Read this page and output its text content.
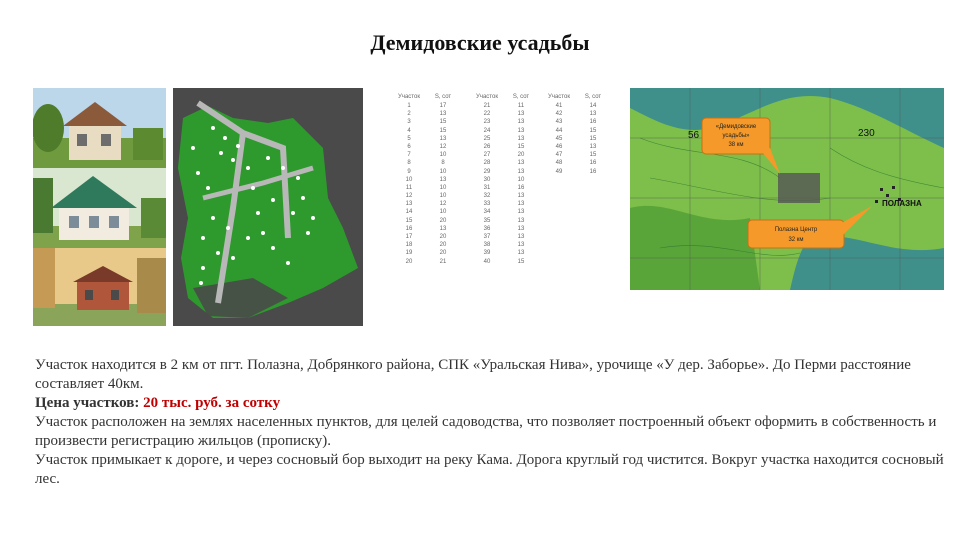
Демидовские усадьбы
Участок	S, сот
1	17
2	13
3	15
4	15
5	13
6	12
7	10
8	8
9	10
10	13
11	10
12	10
13	12
14	10
15	20
16	13
17	20
18	20
19	20
20	21
Участок	S, сот
21	11
22	13
23	13
24	13
25	13
26	15
27	20
28	13
29	13
30	10
31	16
32	13
33	13
34	13
35	13
36	13
37	13
38	13
39	13
40	15
Участок	S, сот
41	14
42	13
43	16
44	15
45	15
46	13
47	15
48	16
49	16
«Демидовские
усадьбы»
38 км
Полазна Центр
32 км
ПОЛАЗНА
56	230

Участок находится в 2 км от пгт. Полазна, Добрянкого района, СПК «Уральская Нива», урочище «У дер. Заборье». До Перми расстояние составляет 40км.

Цена участков: 20 тыс. руб. за сотку

Участок расположен на землях населенных пунктов, для целей садоводства, что позволяет построенный объект оформить в собственность и произвести регистрацию жильцов (прописку).

Участок примыкает к дороге, и через сосновый бор выходит на реку Кама. Дорога круглый год чистится. Вокруг участка находится сосновый лес.
